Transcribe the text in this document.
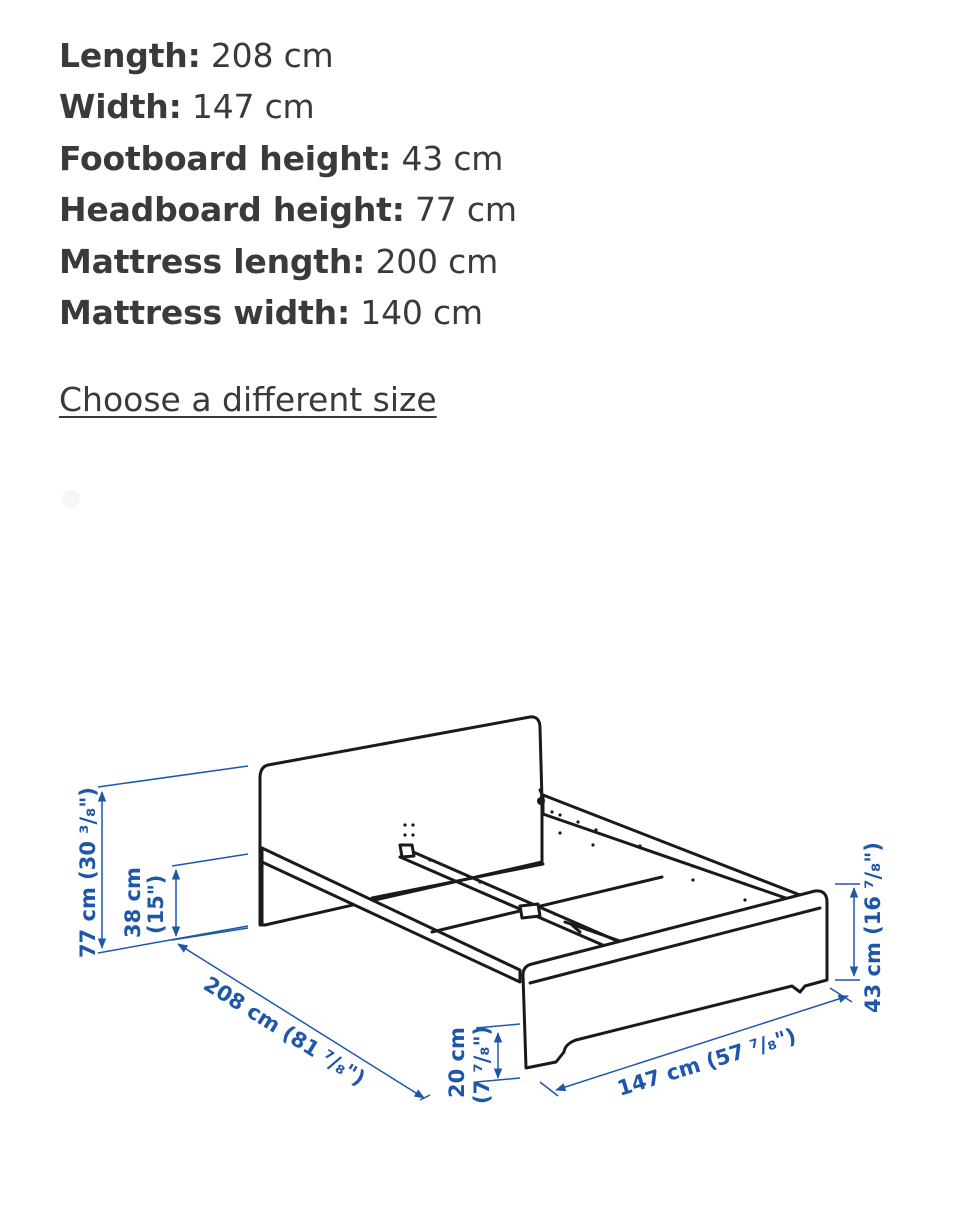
Length: 208 cm
Width: 147 cm
Footboard height: 43 cm
Headboard height: 77 cm
Mattress length: 200 cm
Mattress width: 140 cm
Choose a different size
77 cm (30 ³/₈") 38 cm (15")
208 cm (81 ⁷/₈")	20 cm (7 ⁷/₈")	147 cm (57 ⁷/₈")
43 cm (16 ⁷/₈")
